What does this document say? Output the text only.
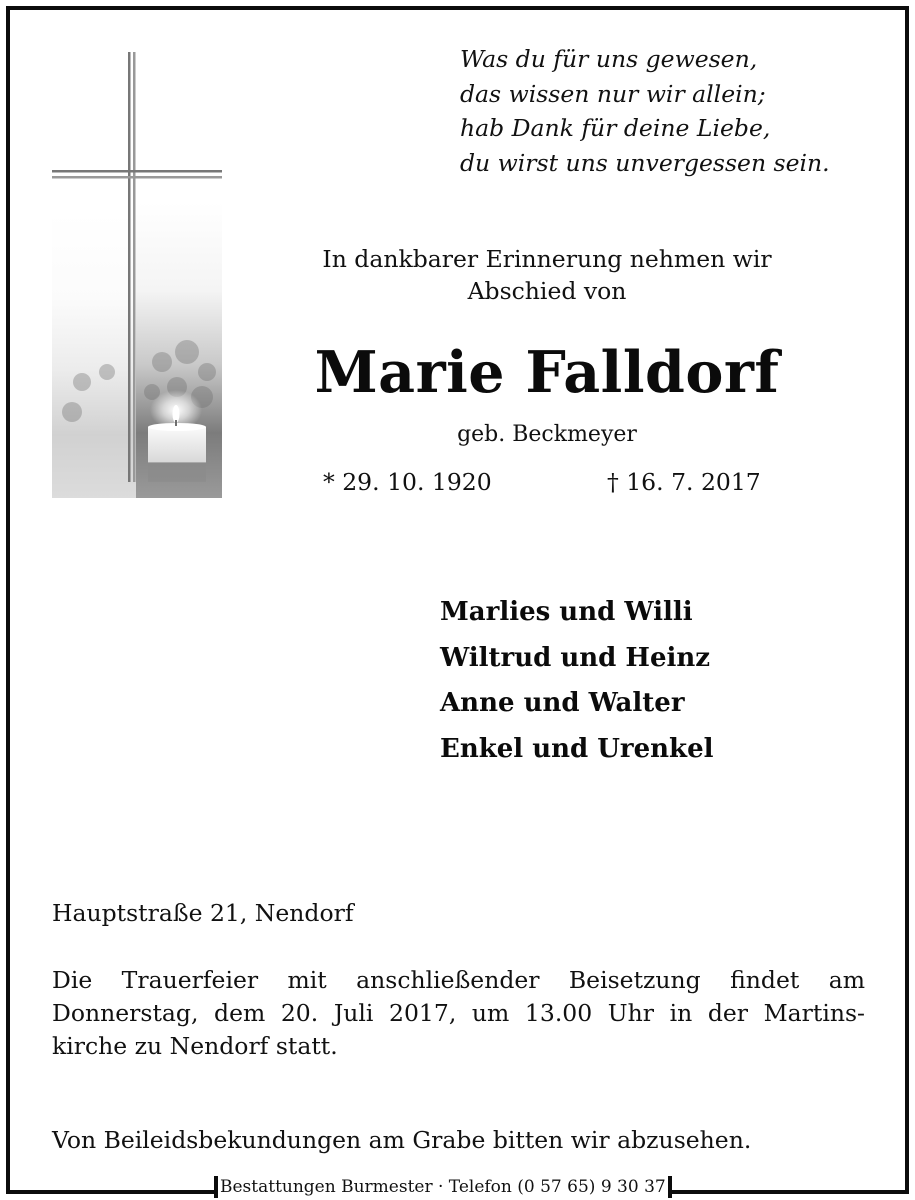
Was du für uns gewesen,
das wissen nur wir allein;
hab Dank für deine Liebe,
du wirst uns unvergessen sein.
In dankbarer Erinnerung nehmen wir
Abschied von
Marie Falldorf
geb. Beckmeyer
* 29. 10. 1920	† 16. 7. 2017
Marlies und Willi
Wiltrud und Heinz
Anne und Walter
Enkel und Urenkel
Hauptstraße 21, Nendorf
Die Trauerfeier mit anschließender Beisetzung findet am
Donnerstag, dem 20. Juli 2017, um 13.00 Uhr in der Martins-
kirche zu Nendorf statt.
Von Beileidsbekundungen am Grabe bitten wir abzusehen.
Bestattungen Burmester · Telefon (0 57 65) 9 30 37
